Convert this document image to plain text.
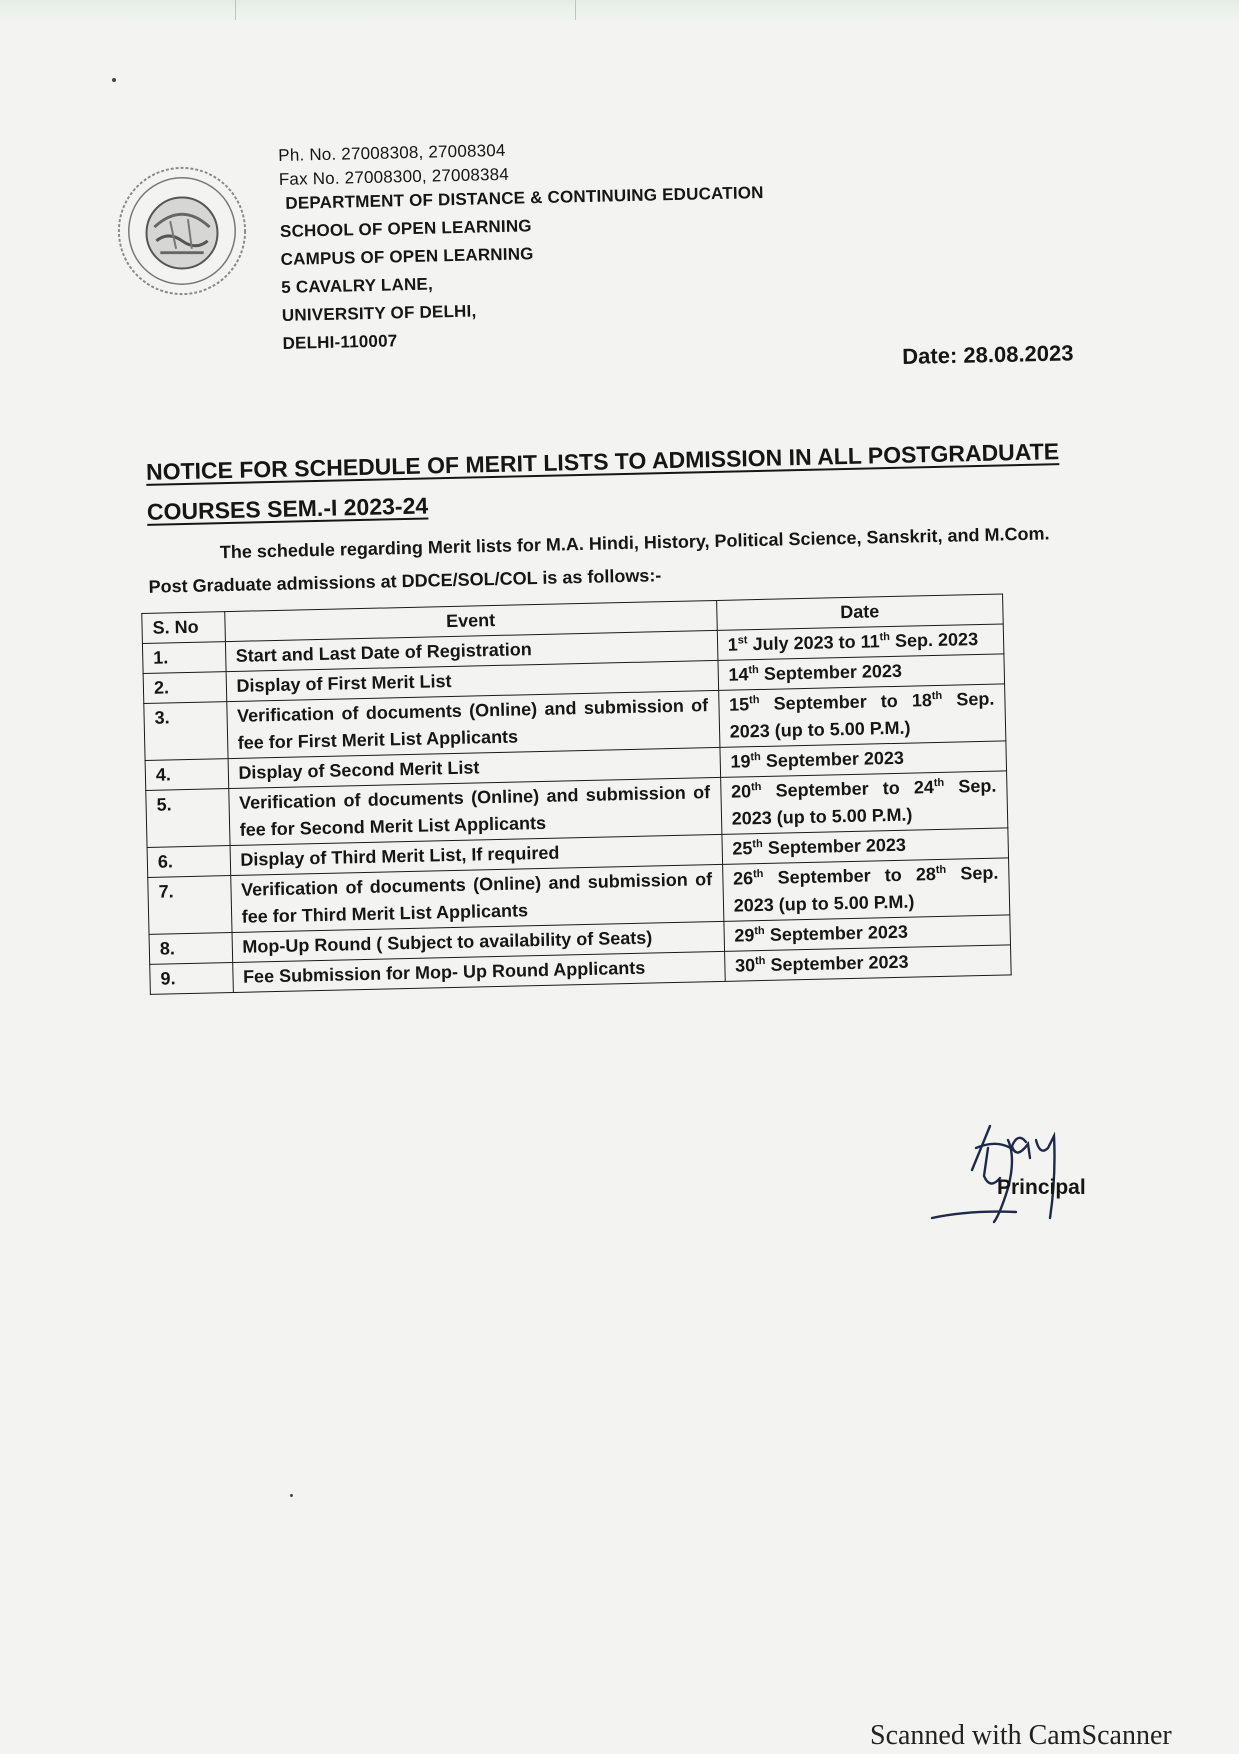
Ph. No. 27008308, 27008304
Fax No. 27008300, 27008384
DEPARTMENT OF DISTANCE & CONTINUING EDUCATION
SCHOOL OF OPEN LEARNING
CAMPUS OF OPEN LEARNING
5 CAVALRY LANE,
UNIVERSITY OF DELHI,
DELHI-110007	Date: 28.08.2023
NOTICE FOR SCHEDULE OF MERIT LISTS TO ADMISSION IN ALL POSTGRADUATE
COURSES SEM.-I 2023-24
The schedule regarding Merit lists for M.A. Hindi, History, Political Science, Sanskrit, and M.Com.
Post Graduate admissions at DDCE/SOL/COL is as follows:-
S. No	Event	Date
1.	Start and Last Date of Registration	1st July 2023 to 11th Sep. 2023
2.	Display of First Merit List	14th September 2023
3.	Verification of documents (Online) and submission of fee for First Merit List Applicants	15th September to 18th Sep. 2023 (up to 5.00 P.M.)
4.	Display of Second Merit List	19th September 2023
5.	Verification of documents (Online) and submission of fee for Second Merit List Applicants	20th September to 24th Sep. 2023 (up to 5.00 P.M.)
6.	Display of Third Merit List, If required	25th September 2023
7.	Verification of documents (Online) and submission of fee for Third Merit List Applicants	26th September to 28th Sep. 2023 (up to 5.00 P.M.)
8.	Mop-Up Round ( Subject to availability of Seats)	29th September 2023
9.	Fee Submission for Mop- Up Round Applicants	30th September 2023
Principal
Scanned with CamScanner
